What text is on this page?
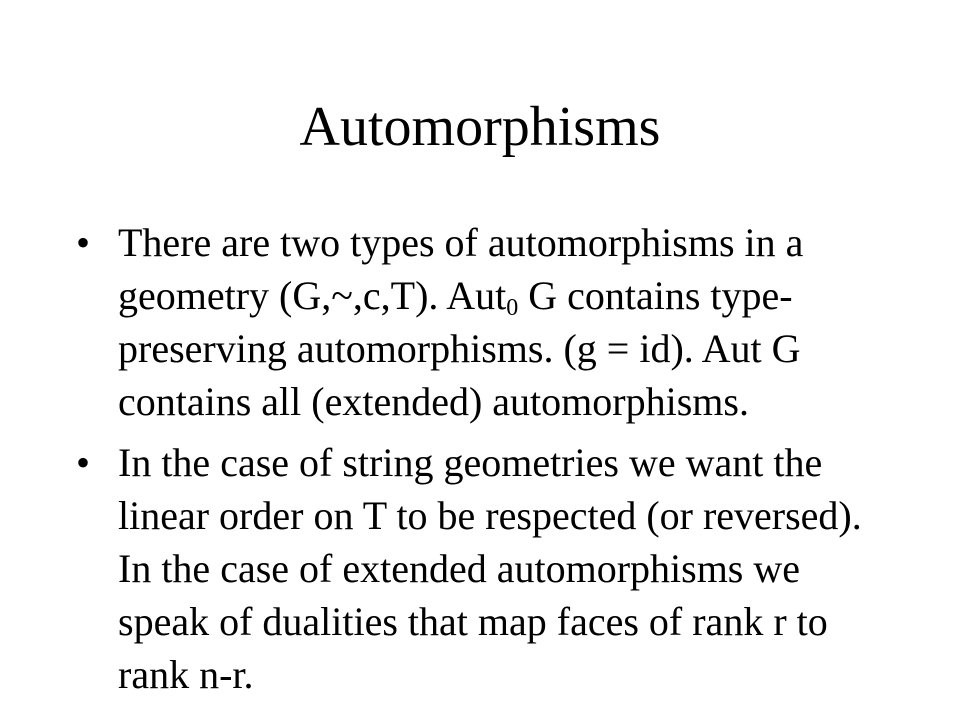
Automorphisms
• There are two types of automorphisms in a geometry (G,~,c,T). Aut$_0$ G contains type-preserving automorphisms. (g = id). Aut G contains all (extended) automorphisms.
• In the case of string geometries we want the linear order on T to be respected (or reversed). In the case of extended automorphisms we speak of dualities that map faces of rank r to rank n-r.
